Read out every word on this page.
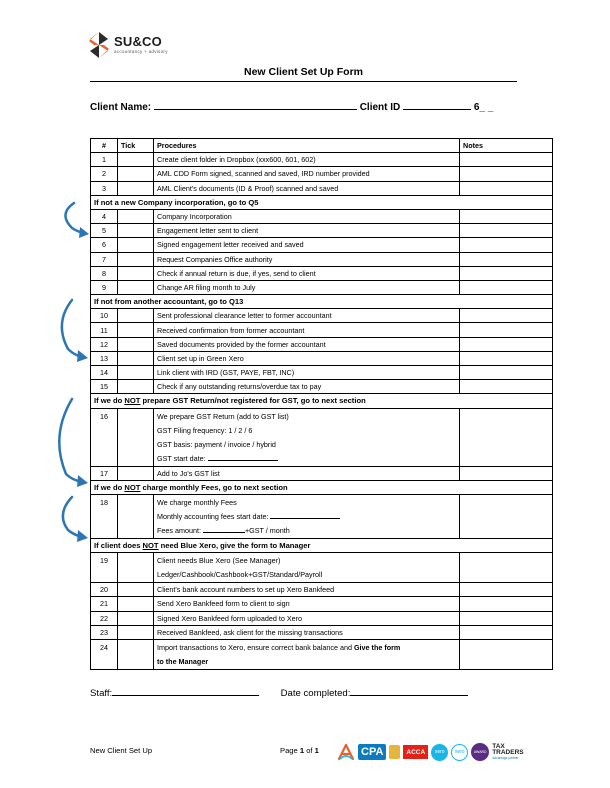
SU&CO
accountancy + advisory
New Client Set Up Form
Client Name:	Client ID	6_ _
#	Tick	Procedures	Notes
1		Create client folder in Dropbox (xxx600, 601, 602)	
2		AML CDD Form signed, scanned and saved, IRD number provided	
3		AML Client's documents (ID & Proof) scanned and saved	
If not a new Company incorporation, go to Q5			
4		Company Incorporation	
5		Engagement letter sent to client	
6		Signed engagement letter received and saved	
7		Request Companies Office authority	
8		Check if annual return is due, if yes, send to client	
9		Change AR filing month to July	
If not from another accountant, go to Q13			
10		Sent professional clearance letter to former accountant	
11		Received confirmation from former accountant	
12		Saved documents provided by the former accountant	
13		Client set up in Green Xero	
14		Link client with IRD (GST, PAYE, FBT, INC)	
15		Check if any outstanding returns/overdue tax to pay	
If we do NOT prepare GST Return/not registered for GST, go to next section			
16		We prepare GST Return (add to GST list)
GST Filing frequency: 1 / 2 / 6
GST basis: payment / invoice / hybrid
GST start date:	

17		Add to Jo's GST list	
If we do NOT charge monthly Fees, go to next section			
18		We charge monthly Fees
Monthly accounting fees start date:
Fees amount: +GST / month	

If client does NOT need Blue Xero, give the form to Manager			
19		Client needs Blue Xero (See Manager)
Ledger/Cashbook/Cashbook+GST/Standard/Payroll	

20		Client's bank account numbers to set up Xero Bankfeed	
21		Send Xero Bankfeed form to client to sign	
22		Signed Xero Bankfeed form uploaded to Xero	
23		Received Bankfeed, ask client for the missing transactions	
24		Import transactions to Xero, ensure correct bank balance and Give the form
to the Manager	

Staff:	Date completed:
New Client Set Up	Page 1 of 1	CPA	ACCA	xero	xero	AWARD
TAX
TRADERS
Advantage partner
